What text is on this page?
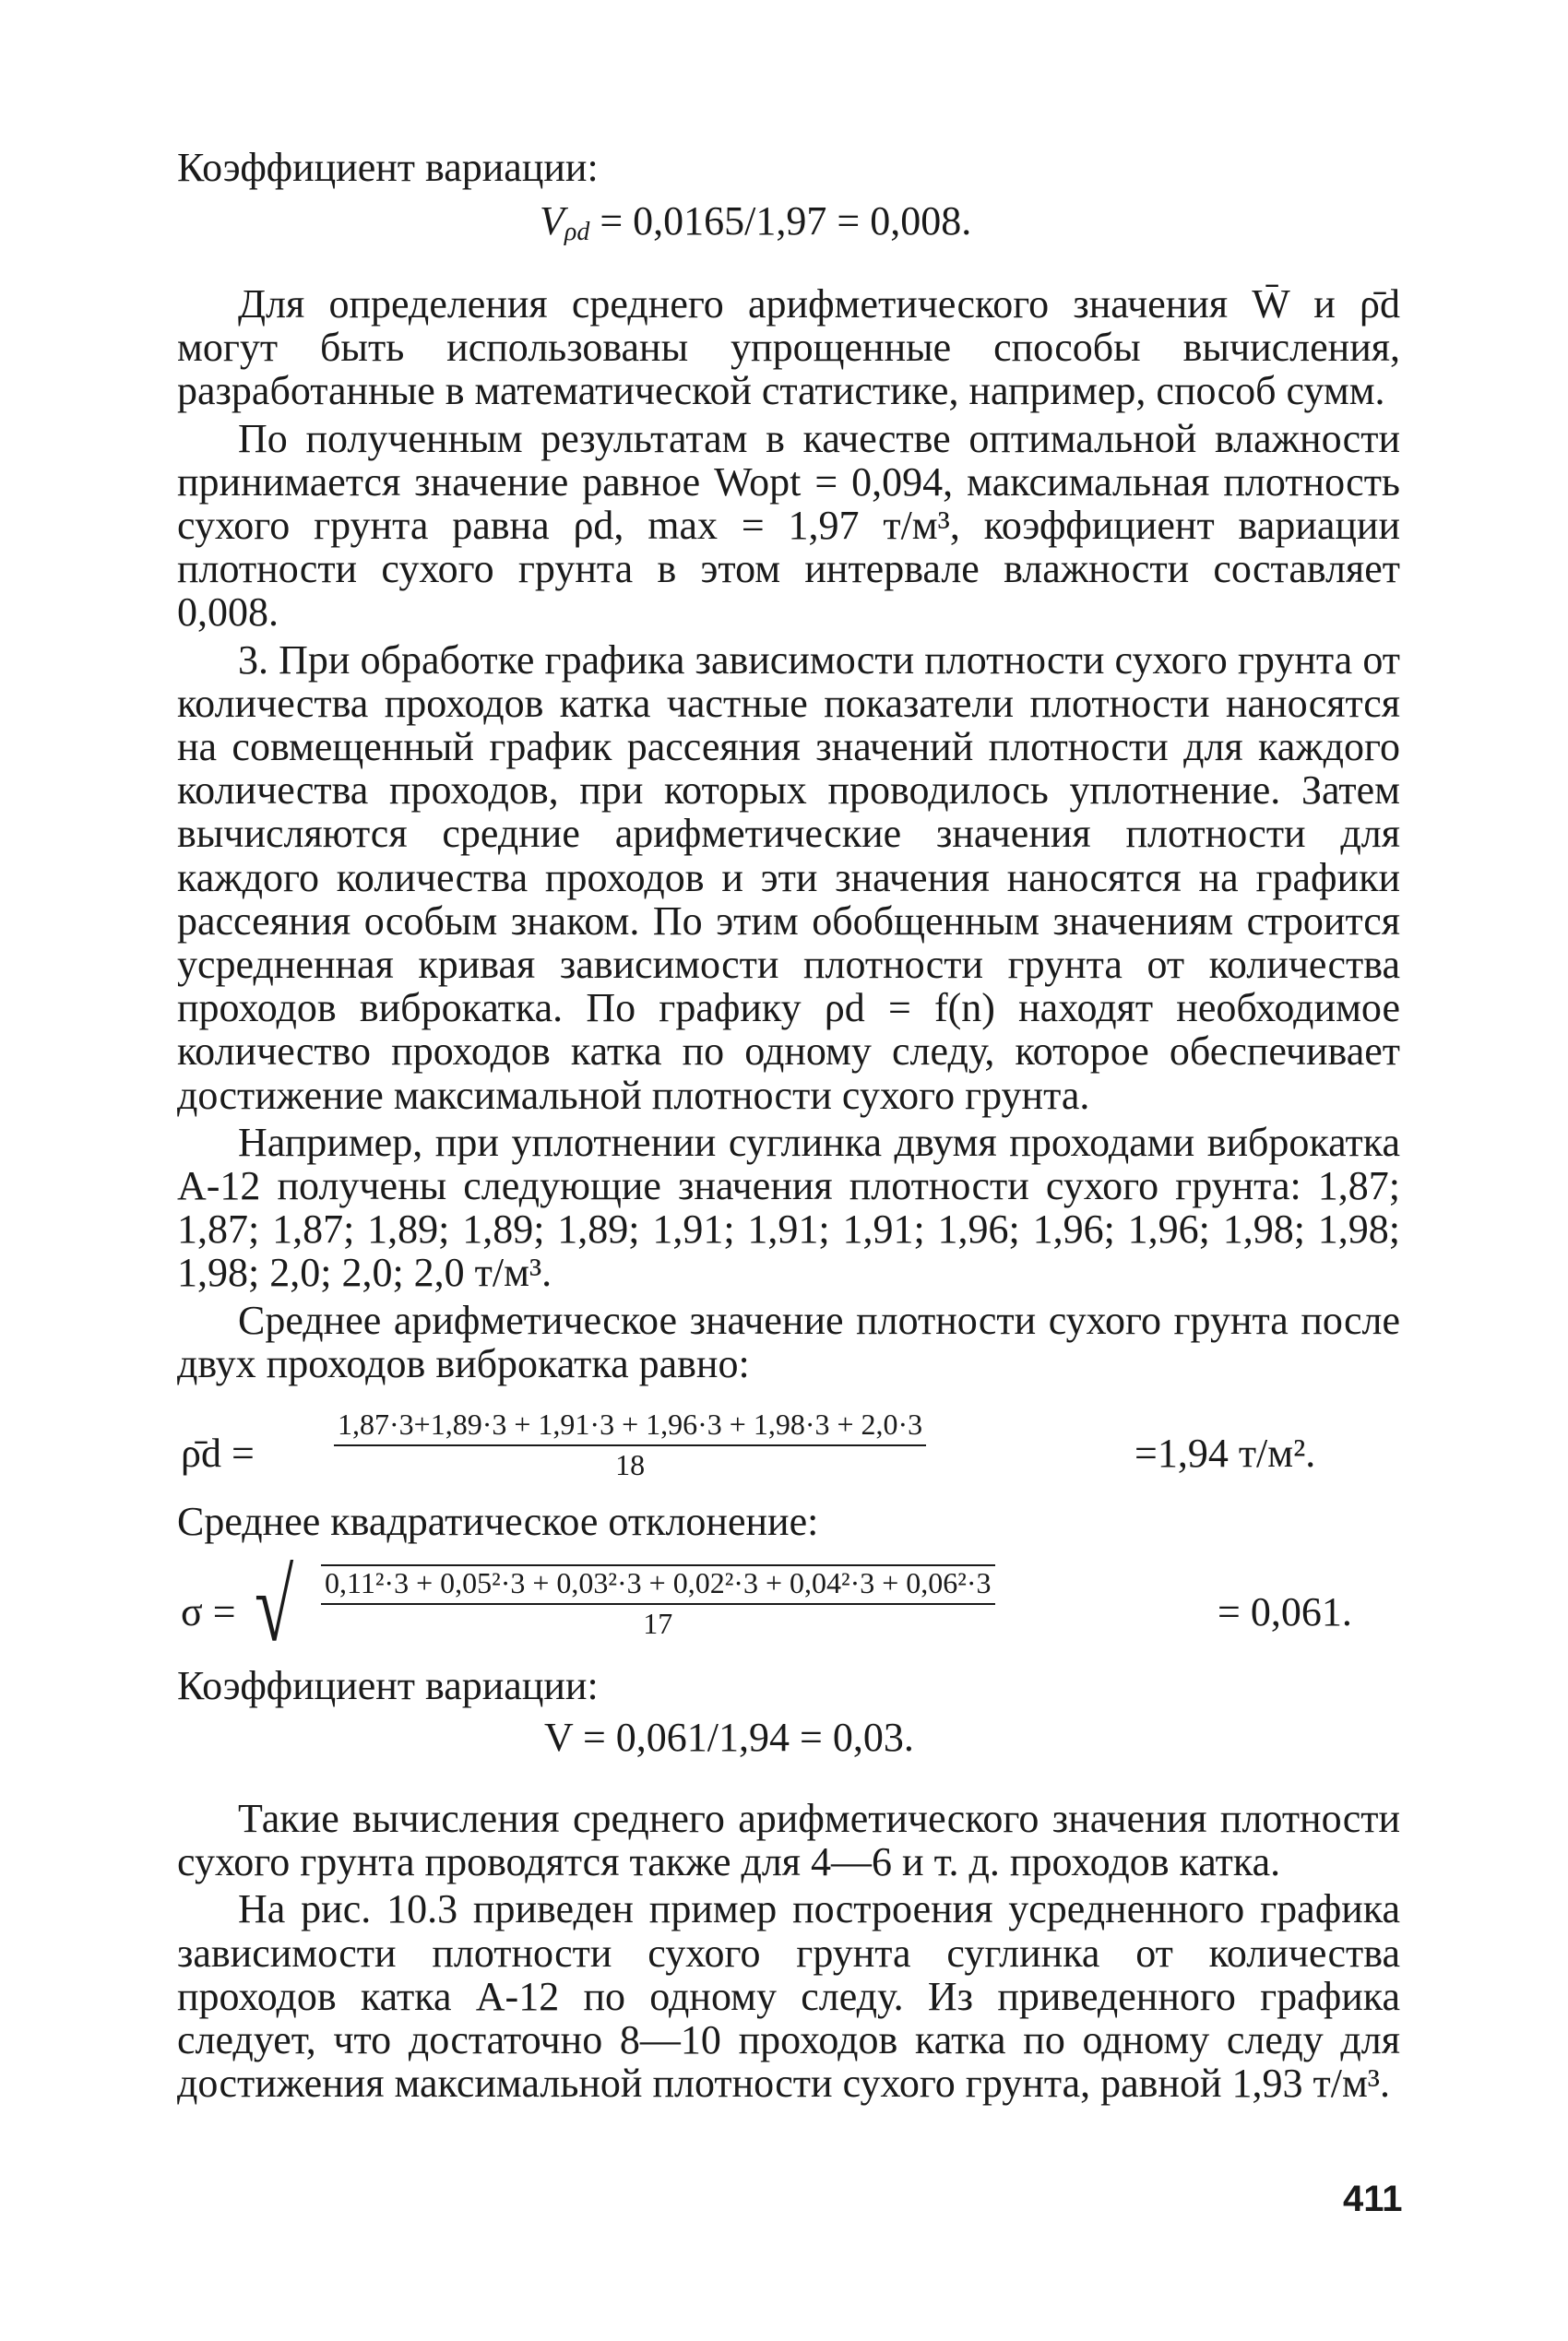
Коэффициент вариации:

$V_{\rho d} = 0,0165/1,97 = 0,008$.

Для определения среднего арифметического значения W̄ и ρ̄d могут быть использованы упрощенные способы вычисления, разработанные в математической статистике, например, способ сумм.

По полученным результатам в качестве оптимальной влажности принимается значение равное Wopt = 0,094, максимальная плотность сухого грунта равна ρd, max = 1,97 т/м³, коэффициент вариации плотности сухого грунта в этом интервале влажности составляет 0,008.

3. При обработке графика зависимости плотности сухого грунта от количества проходов катка частные показатели плотности наносятся на совмещенный график рассеяния значений плотности для каждого количества проходов, при которых проводилось уплотнение. Затем вычисляются средние арифметические значения плотности для каждого количества проходов и эти значения наносятся на графики рассеяния особым знаком. По этим обобщенным значениям строится усредненная кривая зависимости плотности грунта от количества проходов виброкатка. По графику ρd = f(n) находят необходимое количество проходов катка по одному следу, которое обеспечивает достижение максимальной плотности сухого грунта.

Например, при уплотнении суглинка двумя проходами виброкатка А-12 получены следующие значения плотности сухого грунта: 1,87; 1,87; 1,87; 1,89; 1,89; 1,89; 1,91; 1,91; 1,91; 1,96; 1,96; 1,96; 1,98; 1,98; 1,98; 2,0; 2,0; 2,0 т/м³.

Среднее арифметическое значение плотности сухого грунта после двух проходов виброкатка равно:

ρ̄d =	$\frac{1,87\cdot 3+1,89\cdot 3 + 1,91\cdot 3 + 1,96\cdot 3 + 1,98\cdot 3 + 2,0\cdot 3}{18}$	=1,94 т/м².

Среднее квадратическое отклонение:

σ = √ $\frac{\text{0,11²·3 + 0,05²·3 + 0,03²·3 + 0,02²·3 + 0,04²·3 + 0,06²·3}}{17}$	= 0,061.

Коэффициент вариации:

V = 0,061/1,94 = 0,03.

Такие вычисления среднего арифметического значения плотности сухого грунта проводятся также для 4—6 и т. д. проходов катка.

На рис. 10.3 приведен пример построения усредненного графика зависимости плотности сухого грунта суглинка от количества проходов катка А-12 по одному следу. Из приведенного графика следует, что достаточно 8—10 проходов катка по одному следу для достижения максимальной плотности сухого грунта, равной 1,93 т/м³.

411
